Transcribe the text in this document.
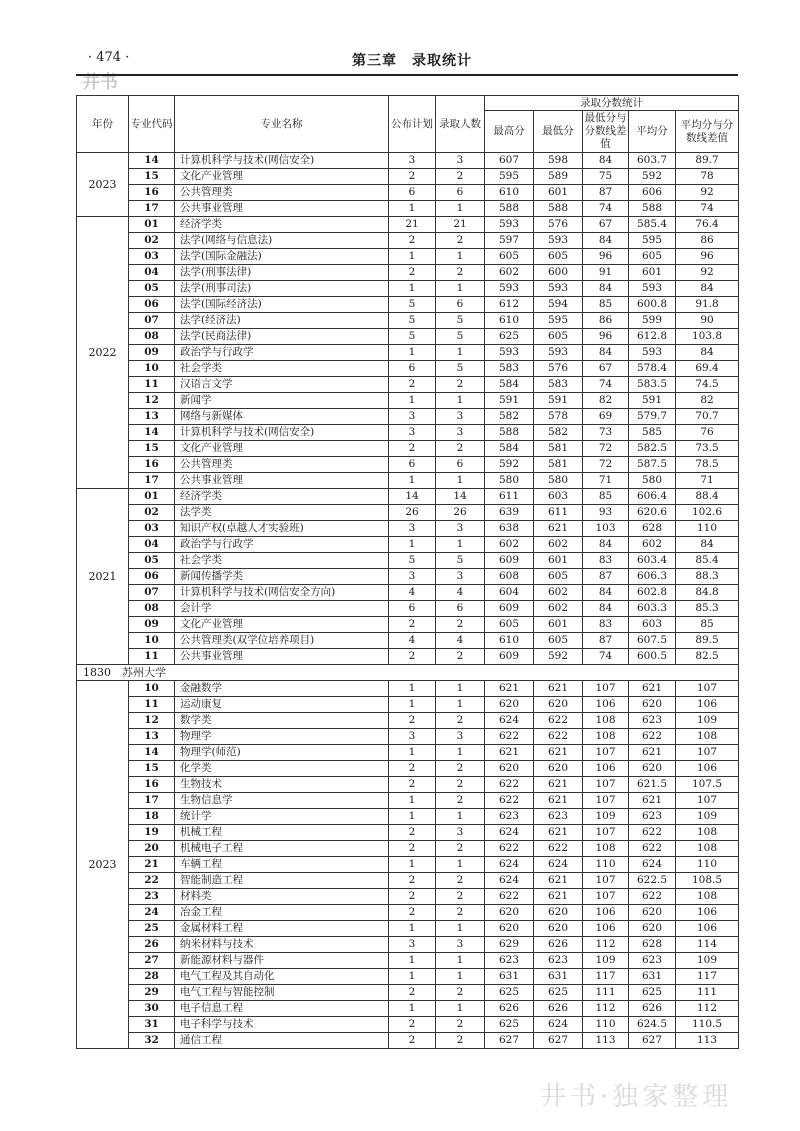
· 474 ·	第三章　录取统计
井书
年份	专业代码	专业名称	公布计划	录取人数	录取分数统计				
					最高分	最低分	最低分与分数线差值	平均分	平均分与分数线差值
2023	14	计算机科学与技术(网信安全)	3	3	607	598	84	603.7	89.7
	15	文化产业管理	2	2	595	589	75	592	78
	16	公共管理类	6	6	610	601	87	606	92
	17	公共事业管理	1	1	588	588	74	588	74
2022	01	经济学类	21	21	593	576	67	585.4	76.4
	02	法学(网络与信息法)	2	2	597	593	84	595	86
	03	法学(国际金融法)	1	1	605	605	96	605	96
	04	法学(刑事法律)	2	2	602	600	91	601	92
	05	法学(刑事司法)	1	1	593	593	84	593	84
	06	法学(国际经济法)	5	6	612	594	85	600.8	91.8
	07	法学(经济法)	5	5	610	595	86	599	90
	08	法学(民商法律)	5	5	625	605	96	612.8	103.8
	09	政治学与行政学	1	1	593	593	84	593	84
	10	社会学类	6	5	583	576	67	578.4	69.4
	11	汉语言文学	2	2	584	583	74	583.5	74.5
	12	新闻学	1	1	591	591	82	591	82
	13	网络与新媒体	3	3	582	578	69	579.7	70.7
	14	计算机科学与技术(网信安全)	3	3	588	582	73	585	76
	15	文化产业管理	2	2	584	581	72	582.5	73.5
	16	公共管理类	6	6	592	581	72	587.5	78.5
	17	公共事业管理	1	1	580	580	71	580	71
2021	01	经济学类	14	14	611	603	85	606.4	88.4
	02	法学类	26	26	639	611	93	620.6	102.6
	03	知识产权(卓越人才实验班)	3	3	638	621	103	628	110
	04	政治学与行政学	1	1	602	602	84	602	84
	05	社会学类	5	5	609	601	83	603.4	85.4
	06	新闻传播学类	3	3	608	605	87	606.3	88.3
	07	计算机科学与技术(网信安全方向)	4	4	604	602	84	602.8	84.8
	08	会计学	6	6	609	602	84	603.3	85.3
	09	文化产业管理	2	2	605	601	83	603	85
	10	公共管理类(双学位培养项目)	4	4	610	605	87	607.5	89.5
	11	公共事业管理	2	2	609	592	74	600.5	82.5
1830　苏州大学									
2023	10	金融数学	1	1	621	621	107	621	107
	11	运动康复	1	1	620	620	106	620	106
	12	数学类	2	2	624	622	108	623	109
	13	物理学	3	3	622	622	108	622	108
	14	物理学(师范)	1	1	621	621	107	621	107
	15	化学类	2	2	620	620	106	620	106
	16	生物技术	2	2	622	621	107	621.5	107.5
	17	生物信息学	1	2	622	621	107	621	107
	18	统计学	1	1	623	623	109	623	109
	19	机械工程	2	3	624	621	107	622	108
	20	机械电子工程	2	2	622	622	108	622	108
	21	车辆工程	1	1	624	624	110	624	110
	22	智能制造工程	2	2	624	621	107	622.5	108.5
	23	材料类	2	2	622	621	107	622	108
	24	冶金工程	2	2	620	620	106	620	106
	25	金属材料工程	1	1	620	620	106	620	106
	26	纳米材料与技术	3	3	629	626	112	628	114
	27	新能源材料与器件	1	1	623	623	109	623	109
	28	电气工程及其自动化	1	1	631	631	117	631	117
	29	电气工程与智能控制	2	2	625	625	111	625	111
	30	电子信息工程	1	1	626	626	112	626	112
	31	电子科学与技术	2	2	625	624	110	624.5	110.5
	32	通信工程	2	2	627	627	113	627	113
井书·独家整理
